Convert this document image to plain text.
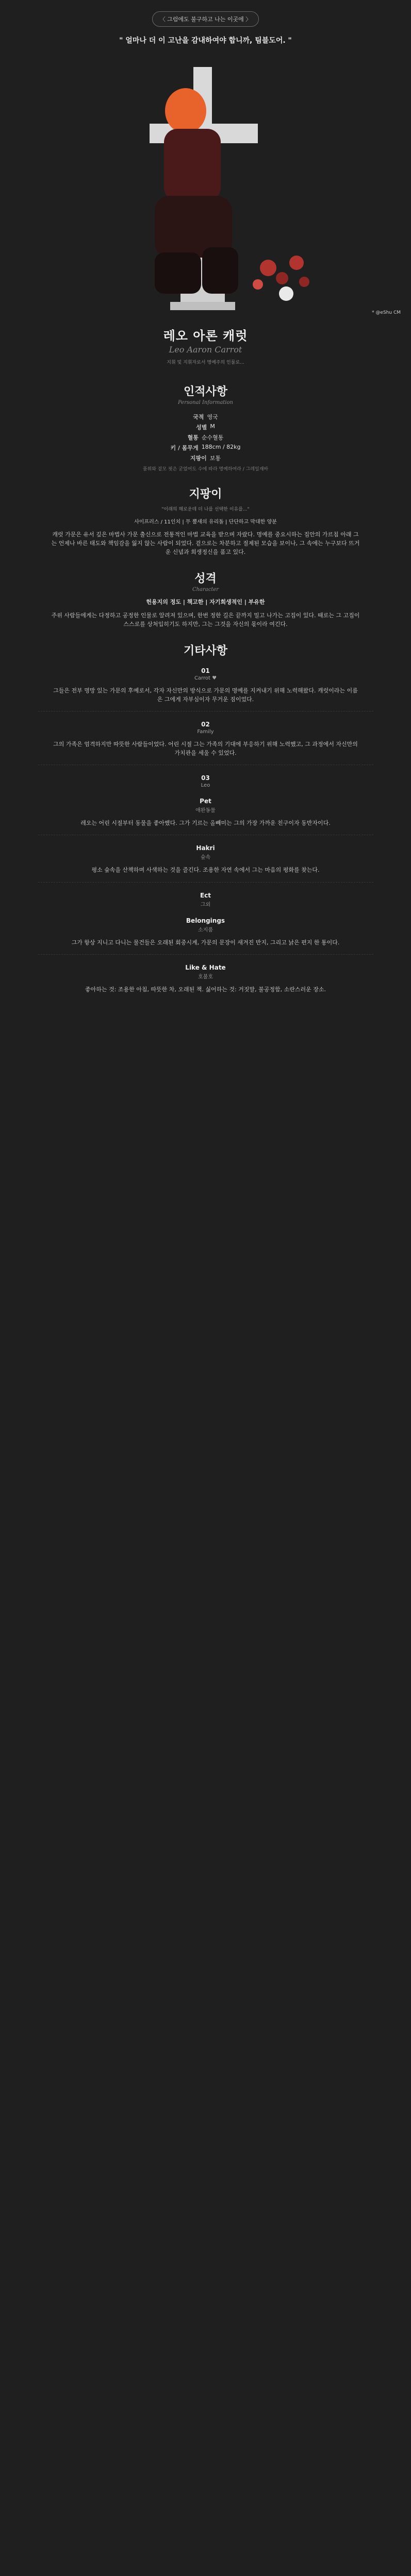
〈 그럼에도 불구하고 나는 이곳에 〉
" 얼마나 더 이 고난을 감내하여야 합니까, 팀블도어. "
* @eShu CM
레오 아론 캐럿
Leo Aaron Carrot
지휘 및 지휘자로서 명예주의 인물로...
인적사항
Personal Information
국적 영국
성별 M
혈통 순수혈통
키 / 몸무게 188cm / 82kg
지팡이 보통
품위와 겉모 핏은 굳었어도 수에 따라 명예하여라 / 그레일재바
지팡이
"이래의 해로운데 더 나를 선택한 이유를..."
사이프러스 / 11인치 | 무 뿔새의 유리돌 | 단단하고 막대한 양분
캐럿 가문은 유서 깊은 마법사 가문 출신으로 전통적인 마법 교육을 받으며 자랐다. 명예를 중요시하는 집안의 가르침 아래 그는 언제나 바른 태도와 책임감을 잃지 않는 사람이 되었다. 겉으로는 차분하고 절제된 모습을 보이나, 그 속에는 누구보다 뜨거운 신념과 희생정신을 품고 있다.
성격
Character
헌용지의 정도 | 책고한 | 자기희생적인 | 부유한
주위 사람들에게는 다정하고 공정한 인물로 알려져 있으며, 한번 정한 길은 끝까지 밀고 나가는 고집이 있다. 때로는 그 고집이 스스로를 상처입히기도 하지만, 그는 그것을 자신의 몫이라 여긴다.
기타사항
01
Carrot ♥
그들은 전부 명망 있는 가문의 후예로서, 각자 자신만의 방식으로 가문의 명예를 지켜내기 위해 노력해왔다. 캐럿이라는 이름은 그에게 자부심이자 무거운 짐이었다.
02
Family
그의 가족은 엄격하지만 따뜻한 사람들이었다. 어린 시절 그는 가족의 기대에 부응하기 위해 노력했고, 그 과정에서 자신만의 가치관을 세울 수 있었다.
03
Leo
Pet
애완동물
레오는 어린 시절부터 동물을 좋아했다. 그가 기르는 올빼미는 그의 가장 가까운 친구이자 동반자이다.
Hakri
숲속
평소 숲속을 산책하며 사색하는 것을 즐긴다. 조용한 자연 속에서 그는 마음의 평화를 찾는다.
Ect
그외
Belongings
소지품
그가 항상 지니고 다니는 물건들은 오래된 회중시계, 가문의 문장이 새겨진 반지, 그리고 낡은 편지 한 통이다.
Like & Hate
호불호
좋아하는 것: 조용한 아침, 따뜻한 차, 오래된 책. 싫어하는 것: 거짓말, 불공정함, 소란스러운 장소.
